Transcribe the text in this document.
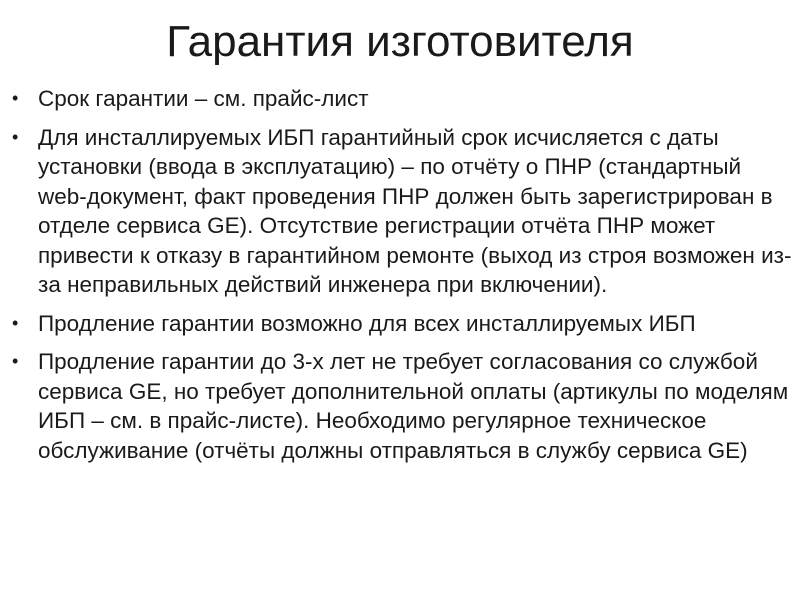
Гарантия изготовителя
• Срок гарантии – см. прайс-лист
• Для инсталлируемых ИБП гарантийный срок исчисляется с даты установки (ввода в эксплуатацию) – по отчёту о ПНР (стандартный web-документ, факт проведения ПНР должен быть зарегистрирован в отделе сервиса GE). Отсутствие регистрации отчёта ПНР может привести к отказу в гарантийном ремонте (выход из строя возможен из-за неправильных действий инженера при включении).
• Продление гарантии возможно для всех инсталлируемых ИБП
• Продление гарантии до 3-х лет не требует согласования со службой сервиса GE, но требует дополнительной оплаты (артикулы по моделям ИБП – см. в прайс-листе). Необходимо регулярное техническое обслуживание (отчёты должны отправляться в службу сервиса GE)
